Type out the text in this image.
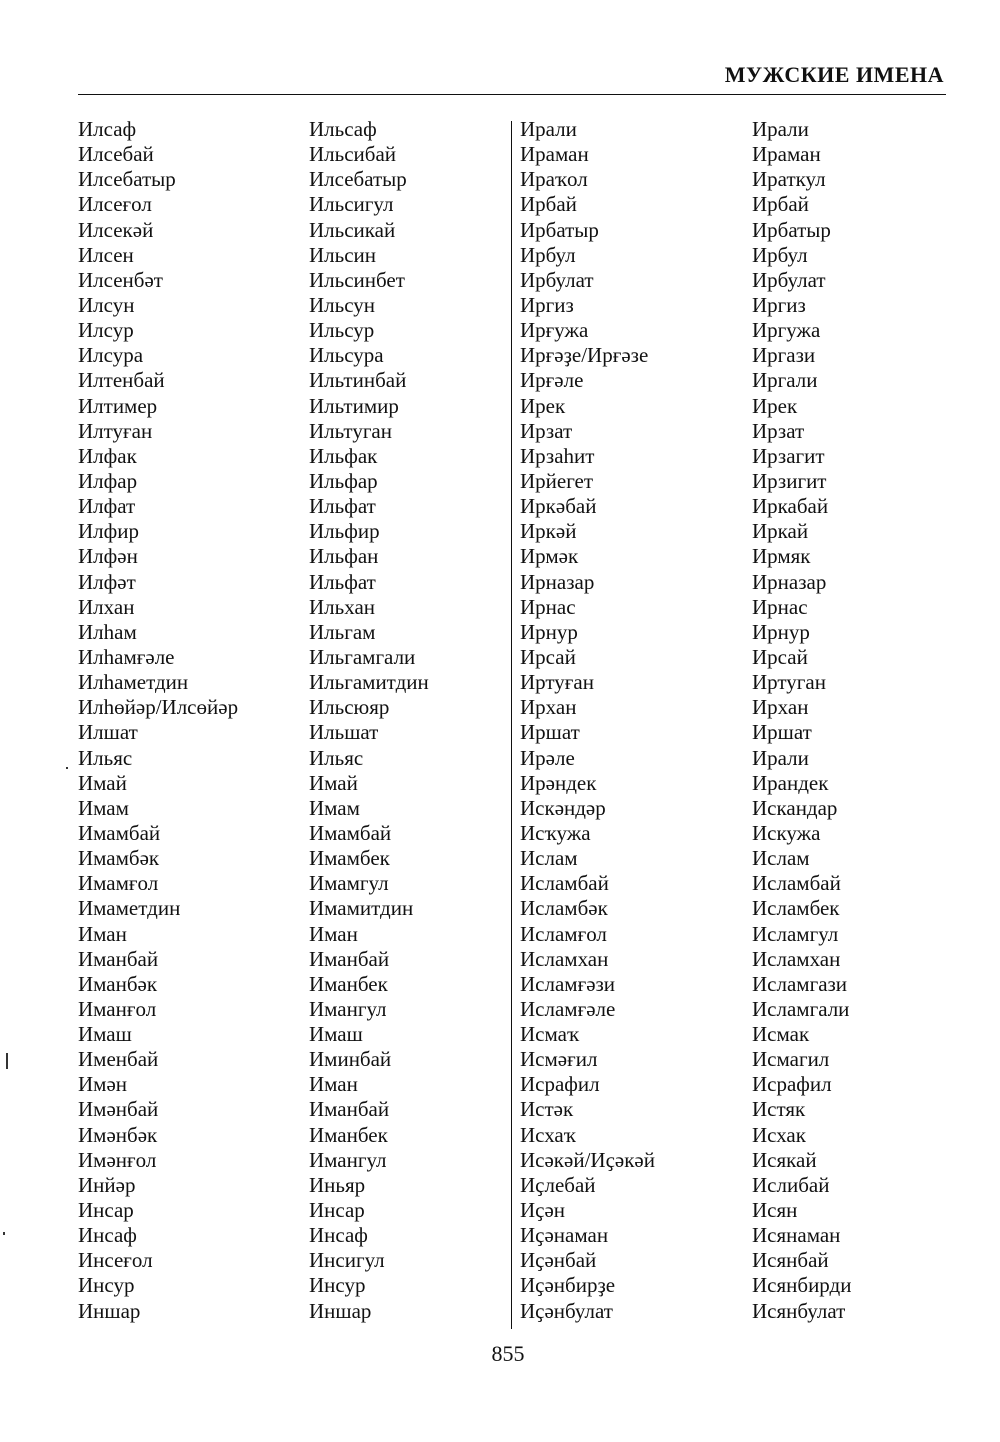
МУЖСКИЕ ИМЕНА
Илсаф
Илсебай
Илсебатыр
Илсеғол
Илсекәй
Илсен
Илсенбәт
Илсун
Илсур
Илсура
Илтенбай
Илтимер
Илтуған
Илфак
Илфар
Илфат
Илфир
Илфән
Илфәт
Илхан
Илһам
Илһамғәле
Илһаметдин
Илһөйәр/Илсөйәр
Илшат
Ильяс
Имай
Имам
Имамбай
Имамбәк
Имамғол
Имаметдин
Иман
Иманбай
Иманбәк
Иманғол
Имаш
Именбай
Имән
Имәнбай
Имәнбәк
Имәнғол
Инйәр
Инсар
Инсаф
Инсеғол
Инсур
Иншар
Ильсаф
Ильсибай
Илсебатыр
Ильсигул
Ильсикай
Ильсин
Ильсинбет
Ильсун
Ильсур
Ильсура
Ильтинбай
Ильтимир
Ильтуган
Ильфак
Ильфар
Ильфат
Ильфир
Ильфан
Ильфат
Ильхан
Ильгам
Ильгамгали
Ильгамитдин
Ильсюяр
Ильшат
Ильяс
Имай
Имам
Имамбай
Имамбек
Имамгул
Имамитдин
Иман
Иманбай
Иманбек
Имангул
Имаш
Иминбай
Иман
Иманбай
Иманбек
Имангул
Иньяр
Инсар
Инсаф
Инсигул
Инсур
Иншар
Ирали
Ираман
Ираҡол
Ирбай
Ирбатыр
Ирбул
Ирбулат
Иргиз
Ирғужа
Ирғәҙе/Ирғәзе
Ирғәле
Ирек
Ирзат
Ирзаһит
Ирйегет
Иркәбай
Иркәй
Ирмәк
Ирназар
Ирнас
Ирнур
Ирсай
Иртуған
Ирхан
Иршат
Ирәле
Ирәндек
Искәндәр
Исҡужа
Ислам
Исламбай
Исламбәк
Исламғол
Исламхан
Исламғәзи
Исламғәле
Исмаҡ
Исмәғил
Исрафил
Истәк
Исхаҡ
Исәкәй/Иҫәкәй
Иҫлебай
Иҫән
Иҫәнаман
Иҫәнбай
Иҫәнбирҙе
Иҫәнбулат
Ирали
Ираман
Ираткул
Ирбай
Ирбатыр
Ирбул
Ирбулат
Иргиз
Иргужа
Иргази
Иргали
Ирек
Ирзат
Ирзагит
Ирзигит
Иркабай
Иркай
Ирмяк
Ирназар
Ирнас
Ирнур
Ирсай
Иртуган
Ирхан
Иршат
Ирали
Ирандек
Искандар
Искужа
Ислам
Исламбай
Исламбек
Исламгул
Исламхан
Исламгази
Исламгали
Исмак
Исмагил
Исрафил
Истяк
Исхак
Исякай
Ислибай
Исян
Исянаман
Исянбай
Исянбирди
Исянбулат
855
